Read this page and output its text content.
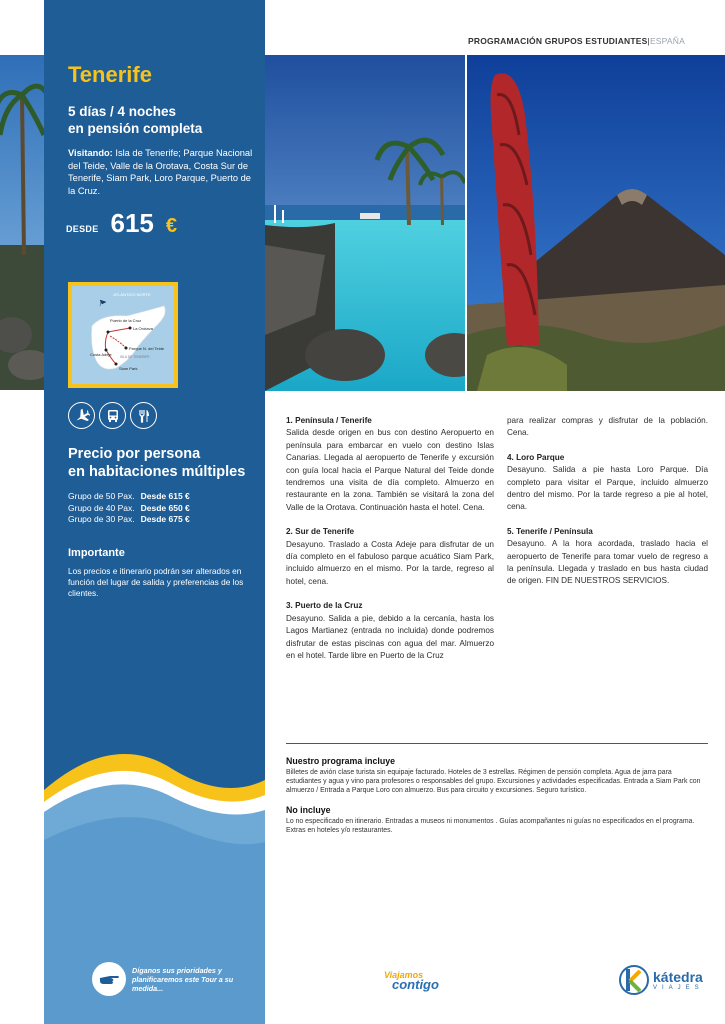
PROGRAMACIÓN GRUPOS ESTUDIANTES|ESPAÑA
Tenerife
5 días / 4 noches
en pensión completa
Visitando: Isla de Tenerife; Parque Nacional del Teide, Valle de la Orotava, Costa Sur de Tenerife, Siam Park, Loro Parque, Puerto de la Cruz.
DESDE 615 €
ATLÁNTICO NORTE
Puerto de la Cruz
La Orotava
Parque N. del Teide
ISLA DE TENERIFE
Costa Adeje
Siam Park
Precio por persona
en habitaciones múltiples
Grupo de 50 Pax. Desde 615 €
Grupo de 40 Pax. Desde 650 €
Grupo de 30 Pax. Desde 675 €
Importante
Los precios e itinerario podrán ser alterados en función del lugar de salida y preferencias de los clientes.
Díganos sus prioridades y planificaremos este Tour a su medida...
1. Península / Tenerife
Salida desde origen en bus con destino Aeropuerto en península para embarcar en vuelo con destino Islas Canarias. Llegada al aeropuerto de Tenerife y excursión con guía local hacia el Parque Natural del Teide donde tendremos una visita de día completo. Almuerzo en restaurante en la zona. También se visitará la zona del Valle de la Orotava. Continuación hasta el hotel. Cena.
2. Sur de Tenerife
Desayuno. Traslado a Costa Adeje para disfrutar de un día completo en el fabuloso parque acuático Siam Park, incluido almuerzo en el mismo. Por la tarde, regreso al hotel, cena.
3. Puerto de la Cruz
Desayuno. Salida a pie, debido a la cercanía, hasta los Lagos Martianez (entrada no incluida) donde podremos disfrutar de estas piscinas con agua del mar. Almuerzo en el hotel. Tarde libre en Puerto de la Cruz
para realizar compras y disfrutar de la población. Cena.
4. Loro Parque
Desayuno. Salida a pie hasta Loro Parque. Día completo para visitar el Parque, incluido almuerzo dentro del mismo. Por la tarde regreso a pie al hotel, cena.
5. Tenerife / Península
Desayuno. A la hora acordada, traslado hacia el aeropuerto de Tenerife para tomar vuelo de regreso a la península. Llegada y traslado en bus hasta ciudad de origen. FIN DE NUESTROS SERVICIOS.
Nuestro programa incluye
Billetes de avión clase turista sin equipaje facturado. Hoteles de 3 estrellas. Régimen de pensión completa. Agua de jarra para estudiantes y agua y vino para profesores o responsables del grupo. Excursiones y actividades especificadas. Entrada a Siam Park con almuerzo / Entrada a Parque Loro con almuerzo. Bus para circuito y excursiones. Seguro turístico.
No incluye
Lo no especificado en itinerario. Entradas a museos ni monumentos . Guías acompañantes ni guías no especificados en el programa. Extras en hoteles y/o restaurantes.
Viajamos
contigo	kátedra
VIAJES
